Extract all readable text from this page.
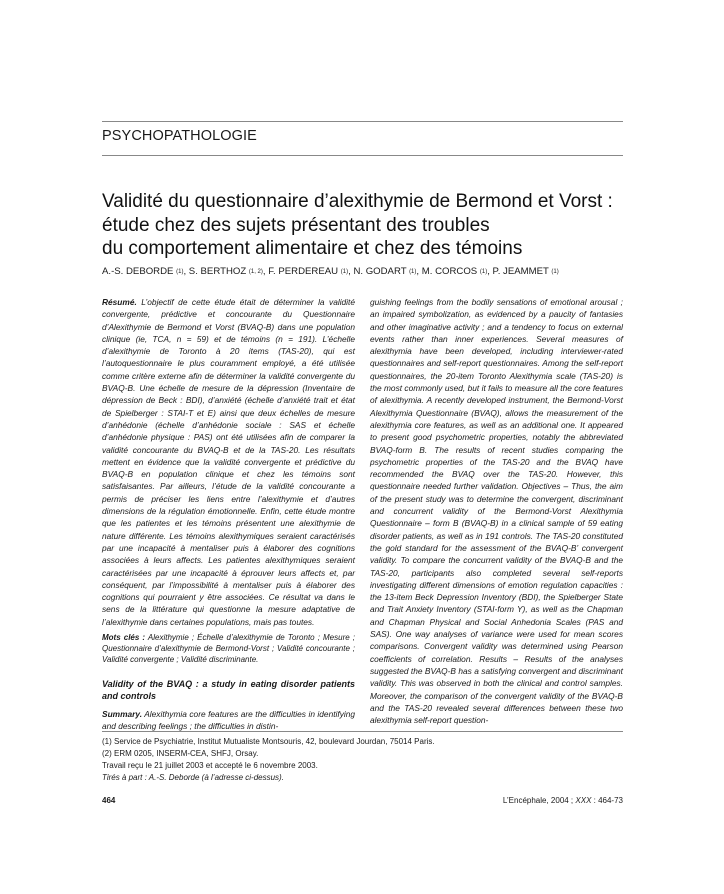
PSYCHOPATHOLOGIE
Validité du questionnaire d’alexithymie de Bermond et Vorst :
étude chez des sujets présentant des troubles
du comportement alimentaire et chez des témoins
A.-S. DEBORDE $^{(1)}$, S. BERTHOZ $^{(1, 2)}$, F. PERDEREAU $^{(1)}$, N. GODART $^{(1)}$, M. CORCOS $^{(1)}$, P. JEAMMET $^{(1)}$

Résumé. L’objectif de cette étude était de déterminer la validité convergente, prédictive et concourante du Questionnaire d’Alexithymie de Bermond et Vorst (BVAQ-B) dans une population clinique (ie, TCA, n = 59) et de témoins (n = 191). L’échelle d’alexithymie de Toronto à 20 items (TAS-20), qui est l’autoquestionnaire le plus couramment employé, a été utilisée comme critère externe afin de déterminer la validité convergente du BVAQ-B. Une échelle de mesure de la dépression (Inventaire de dépression de Beck : BDI), d’anxiété (échelle d’anxiété trait et état de Spielberger : STAI-T et E) ainsi que deux échelles de mesure d’anhédonie (échelle d’anhédonie sociale : SAS et échelle d’anhédonie physique : PAS) ont été utilisées afin de comparer la validité concourante du BVAQ-B et de la TAS-20. Les résultats mettent en évidence que la validité convergente et prédictive du BVAQ-B en population clinique et chez les témoins sont satisfaisantes. Par ailleurs, l’étude de la validité concourante a permis de préciser les liens entre l’alexithymie et d’autres dimensions de la régulation émotionnelle. Enfin, cette étude montre que les patientes et les témoins présentent une alexithymie de nature différente. Les témoins alexithymiques seraient caractérisés par une incapacité à mentaliser puis à élaborer des cognitions associées à leurs affects. Les patientes alexithymiques seraient caractérisées par une incapacité à éprouver leurs affects et, par conséquent, par l’impossibilité à mentaliser puis à élaborer des cognitions qui pourraient y être associées. Ce résultat va dans le sens de la littérature qui questionne la mesure adaptative de l’alexithymie dans certaines populations, mais pas toutes.

Mots clés : Alexithymie ; Échelle d’alexithymie de Toronto ; Mesure ; Questionnaire d’alexithymie de Bermond-Vorst ; Validité concourante ; Validité convergente ; Validité discriminante.

Validity of the BVAQ : a study in eating disorder patients and controls

Summary. Alexithymia core features are the difficulties in identifying and describing feelings ; the difficulties in distin-

guishing feelings from the bodily sensations of emotional arousal ; an impaired symbolization, as evidenced by a paucity of fantasies and other imaginative activity ; and a tendency to focus on external events rather than inner experiences. Several measures of alexithymia have been developed, including interviewer-rated questionnaires and self-report questionnaires. Among the self-report questionnaires, the 20-item Toronto Alexithymia scale (TAS-20) is the most commonly used, but it fails to measure all the core features of alexithymia. A recently developed instrument, the Bermond-Vorst Alexithymia Questionnaire (BVAQ), allows the measurement of the alexithymia core features, as well as an additional one. It appeared to present good psychometric properties, notably the abbreviated BVAQ-form B. The results of recent studies comparing the psychometric properties of the TAS-20 and the BVAQ have recommended the BVAQ over the TAS-20. However, this questionnaire needed further validation. Objectives – Thus, the aim of the present study was to determine the convergent, discriminant and concurrent validity of the Bermond-Vorst Alexithymia Questionnaire – form B (BVAQ-B) in a clinical sample of 59 eating disorder patients, as well as in 191 controls. The TAS-20 constituted the gold standard for the assessment of the BVAQ-B’ convergent validity. To compare the concurrent validity of the BVAQ-B and the TAS-20, participants also completed several self-reports investigating different dimensions of emotion regulation capacities : the 13-item Beck Depression Inventory (BDI), the Spielberger State and Trait Anxiety Inventory (STAI-form Y), as well as the Chapman and Chapman Physical and Social Anhedonia Scales (PAS and SAS). One way analyses of variance were used for mean scores comparisons. Convergent validity was determined using Pearson coefficients of correlation. Results – Results of the analyses suggested the BVAQ-B has a satisfying convergent and discriminant validity. This was observed in both the clinical and control samples. Moreover, the comparison of the convergent validity of the BVAQ-B and the TAS-20 revealed several differences between these two alexithymia self-report question-

(1) Service de Psychiatrie, Institut Mutualiste Montsouris, 42, boulevard Jourdan, 75014 Paris.
(2) ERM 0205, INSERM-CEA, SHFJ, Orsay.
Travail reçu le 21 juillet 2003 et accepté le 6 novembre 2003.
Tirés à part : A.-S. Deborde (à l’adresse ci-dessus).
464	L’Encéphale, 2004 ; XXX : 464-73
